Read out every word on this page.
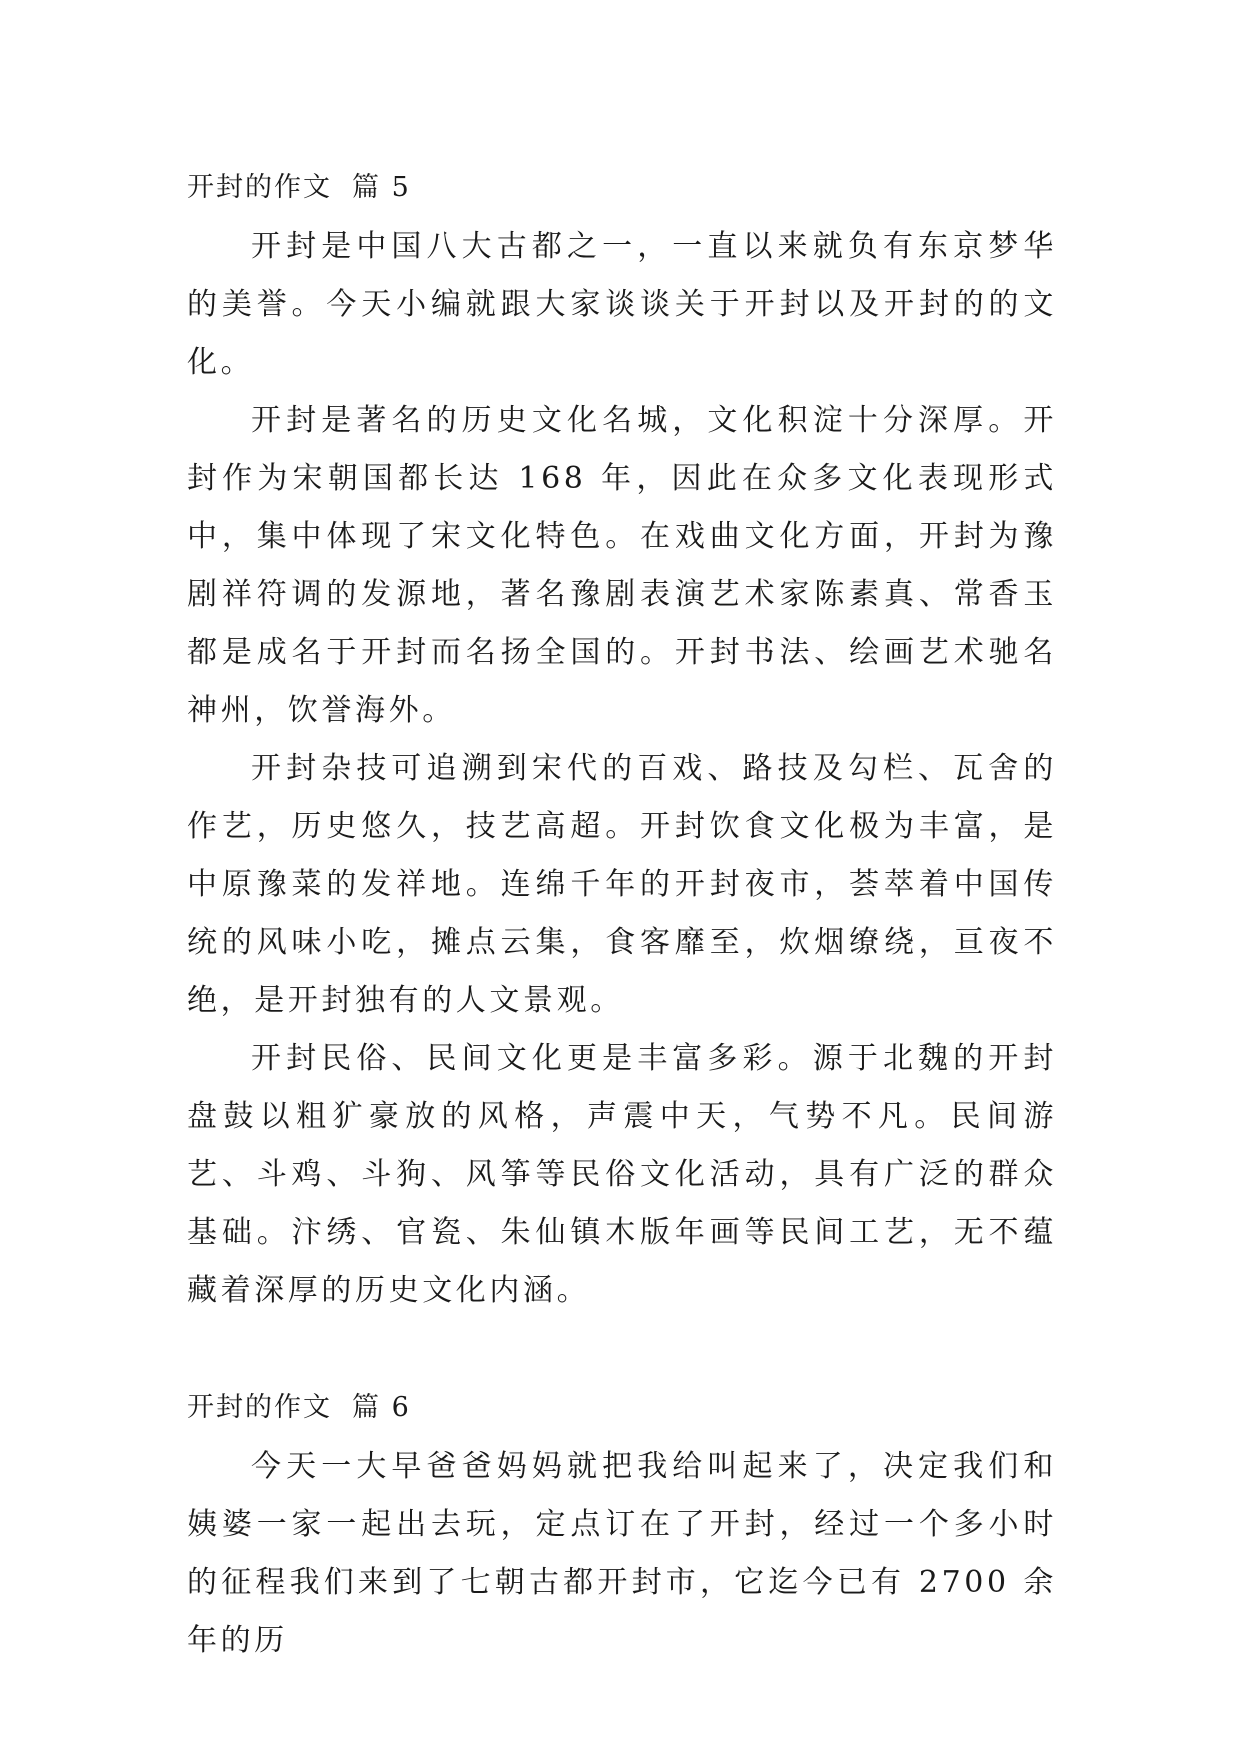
开封的作文 篇 5

开封是中国八大古都之一，一直以来就负有东京梦华的美誉。今天小编就跟大家谈谈关于开封以及开封的的文化。

开封是著名的历史文化名城，文化积淀十分深厚。开封作为宋朝国都长达 168 年，因此在众多文化表现形式中，集中体现了宋文化特色。在戏曲文化方面，开封为豫剧祥符调的发源地，著名豫剧表演艺术家陈素真、常香玉都是成名于开封而名扬全国的。开封书法、绘画艺术驰名神州，饮誉海外。

开封杂技可追溯到宋代的百戏、路技及勾栏、瓦舍的作艺，历史悠久，技艺高超。开封饮食文化极为丰富，是中原豫菜的发祥地。连绵千年的开封夜市，荟萃着中国传统的风味小吃，摊点云集，食客靡至，炊烟缭绕，亘夜不绝，是开封独有的人文景观。

开封民俗、民间文化更是丰富多彩。源于北魏的开封盘鼓以粗犷豪放的风格，声震中天，气势不凡。民间游艺、斗鸡、斗狗、风筝等民俗文化活动，具有广泛的群众基础。汴绣、官瓷、朱仙镇木版年画等民间工艺，无不蕴藏着深厚的历史文化内涵。

开封的作文 篇 6

今天一大早爸爸妈妈就把我给叫起来了，决定我们和姨婆一家一起出去玩，定点订在了开封，经过一个多小时的征程我们来到了七朝古都开封市，它迄今已有 2700 余年的历
